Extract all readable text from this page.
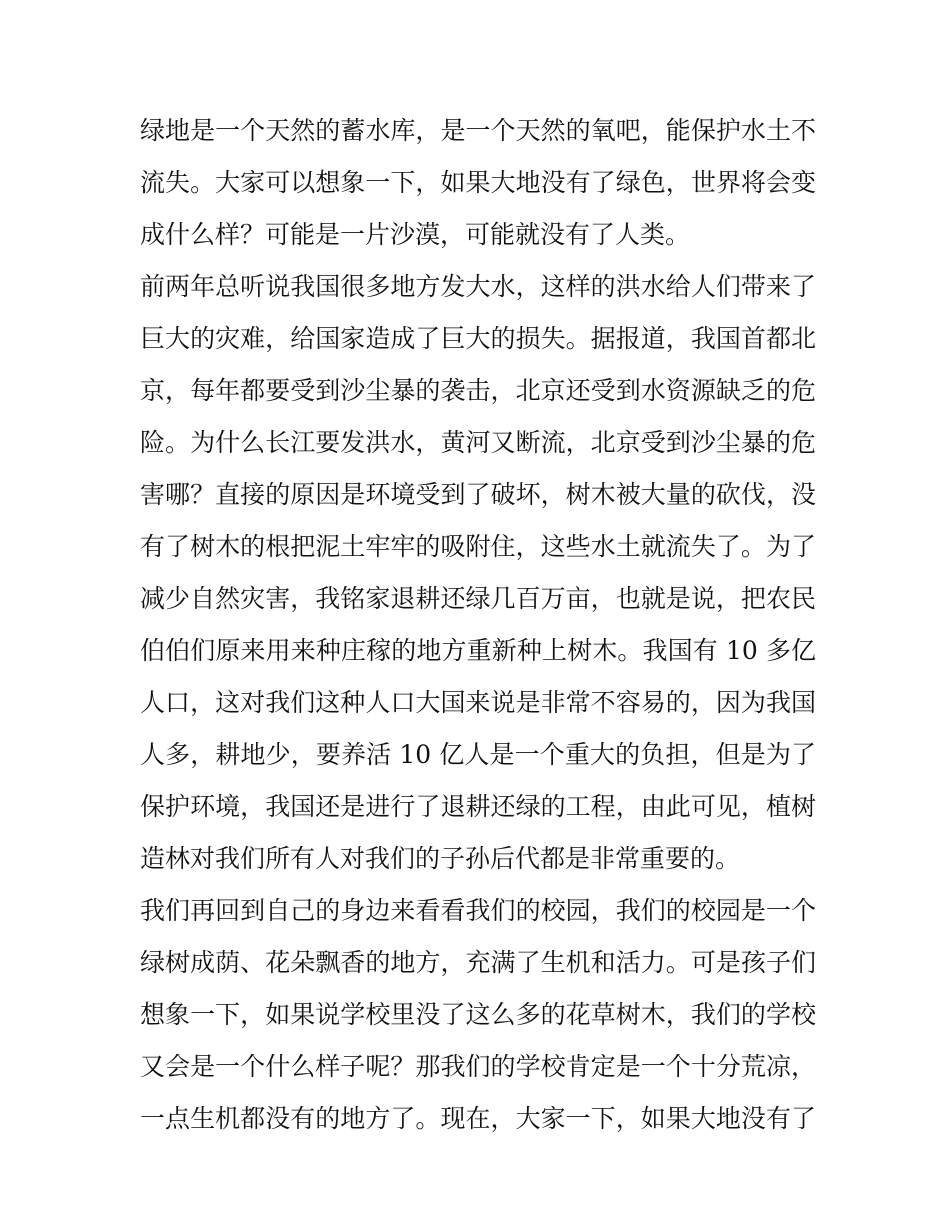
绿地是一个天然的蓄水库，是一个天然的氧吧，能保护水土不
流失。大家可以想象一下，如果大地没有了绿色，世界将会变
成什么样？可能是一片沙漠，可能就没有了人类。
前两年总听说我国很多地方发大水，这样的洪水给人们带来了
巨大的灾难，给国家造成了巨大的损失。据报道，我国首都北
京，每年都要受到沙尘暴的袭击，北京还受到水资源缺乏的危
险。为什么长江要发洪水，黄河又断流，北京受到沙尘暴的危
害哪？直接的原因是环境受到了破坏，树木被大量的砍伐，没
有了树木的根把泥土牢牢的吸附住，这些水土就流失了。为了
减少自然灾害，我铭家退耕还绿几百万亩，也就是说，把农民
伯伯们原来用来种庄稼的地方重新种上树木。我国有 10 多亿
人口，这对我们这种人口大国来说是非常不容易的，因为我国
人多，耕地少，要养活 10 亿人是一个重大的负担，但是为了
保护环境，我国还是进行了退耕还绿的工程，由此可见，植树
造林对我们所有人对我们的子孙后代都是非常重要的。
我们再回到自己的身边来看看我们的校园，我们的校园是一个
绿树成荫、花朵飘香的地方，充满了生机和活力。可是孩子们
想象一下，如果说学校里没了这么多的花草树木，我们的学校
又会是一个什么样子呢？那我们的学校肯定是一个十分荒凉，
一点生机都没有的地方了。现在，大家一下，如果大地没有了
